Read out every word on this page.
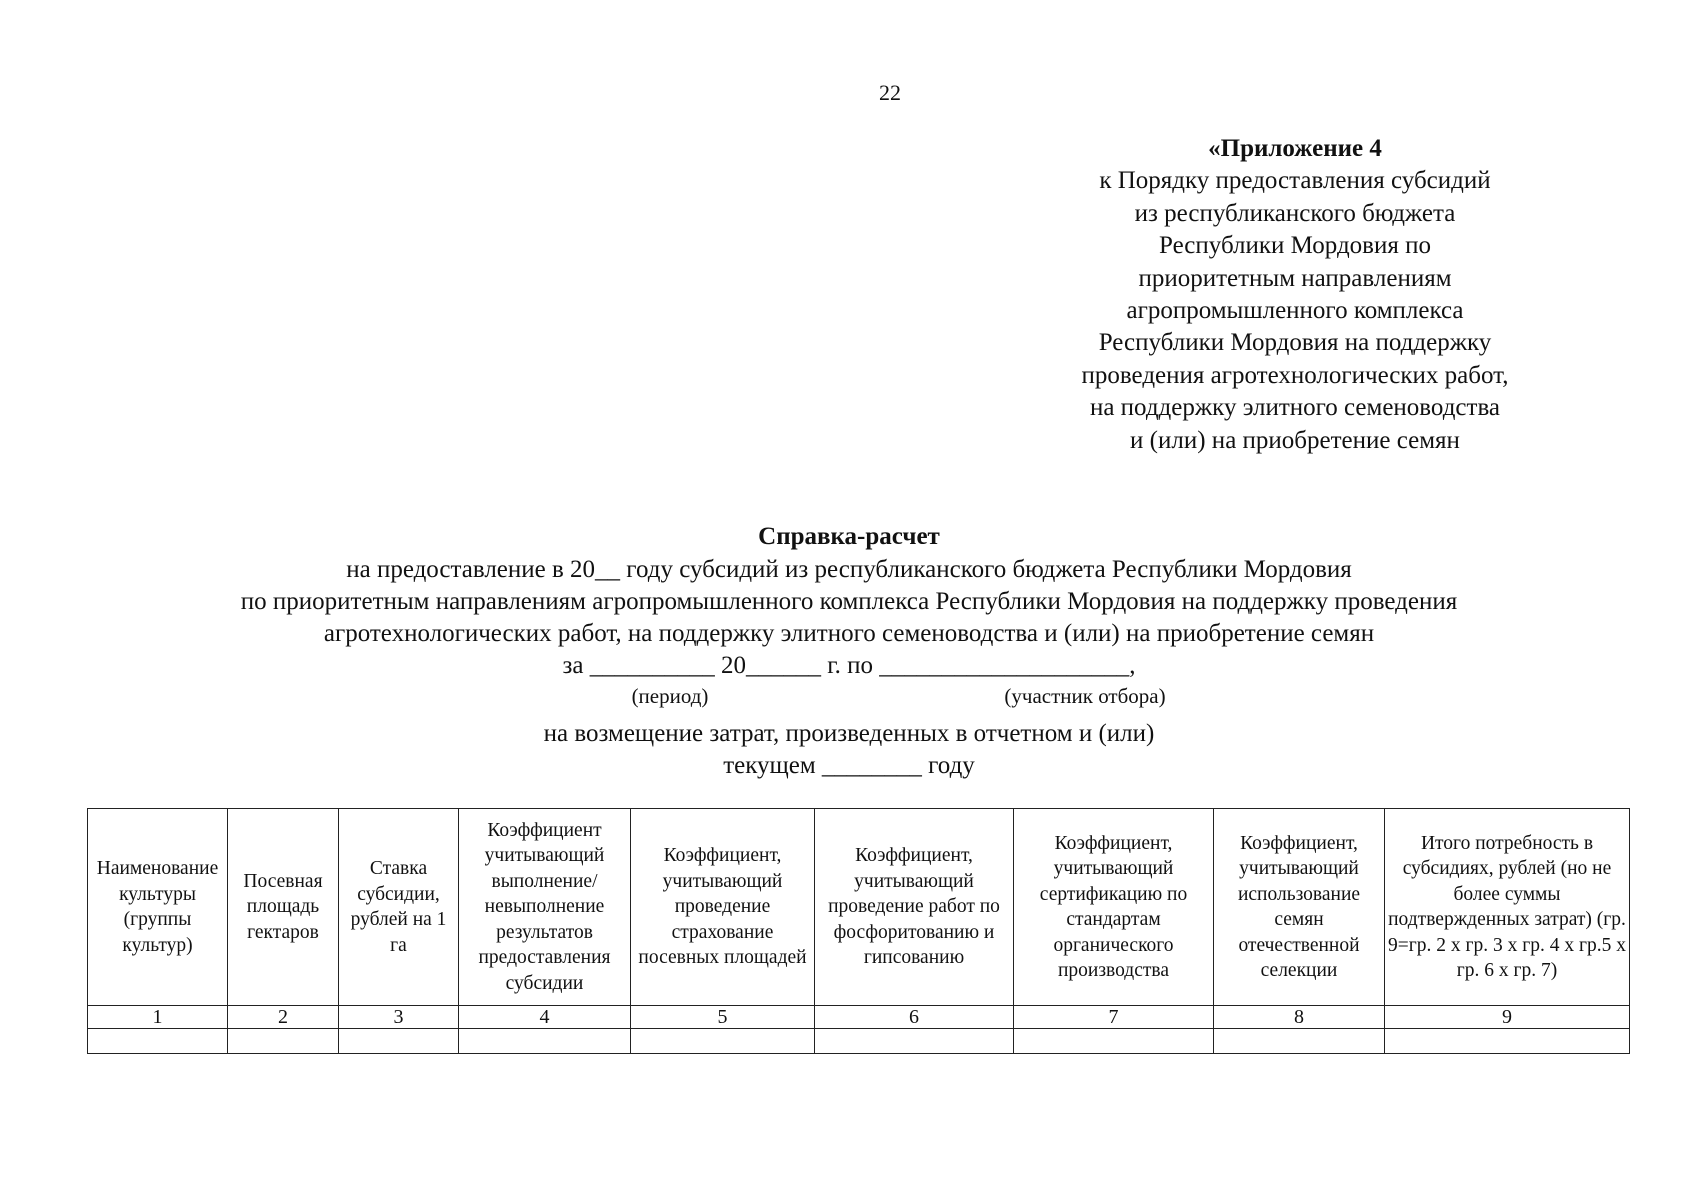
22
«Приложение 4
к Порядку предоставления субсидий
из республиканского бюджета
Республики Мордовия по
приоритетным направлениям
агропромышленного комплекса
Республики Мордовия на поддержку
проведения агротехнологических работ,
на поддержку элитного семеноводства
и (или) на приобретение семян
Справка-расчет
на предоставление в 20__ году субсидий из республиканского бюджета Республики Мордовия
по приоритетным направлениям агропромышленного комплекса Республики Мордовия на поддержку проведения
агротехнологических работ, на поддержку элитного семеноводства и (или) на приобретение семян
за __________ 20______ г. по ____________________,
(период)	(участник отбора)
на возмещение затрат, произведенных в отчетном и (или)
текущем ________ году
Наименование культуры (группы культур)	Посевная площадь гектаров	Ставка субсидии, рублей на 1 га	Коэффициент учитывающий выполнение/ невыполнение результатов предоставления субсидии	Коэффициент, учитывающий проведение страхование посевных площадей	Коэффициент, учитывающий проведение работ по фосфоритованию и гипсованию	Коэффициент, учитывающий сертификацию по стандартам органического производства	Коэффициент, учитывающий использование семян отечественной селекции	Итого потребность в субсидиях, рублей (но не более суммы подтвержденных затрат) (гр. 9=гр. 2 х гр. 3 х гр. 4 х гр.5 х гр. 6 х гр. 7)
1	2	3	4	5	6	7	8	9
